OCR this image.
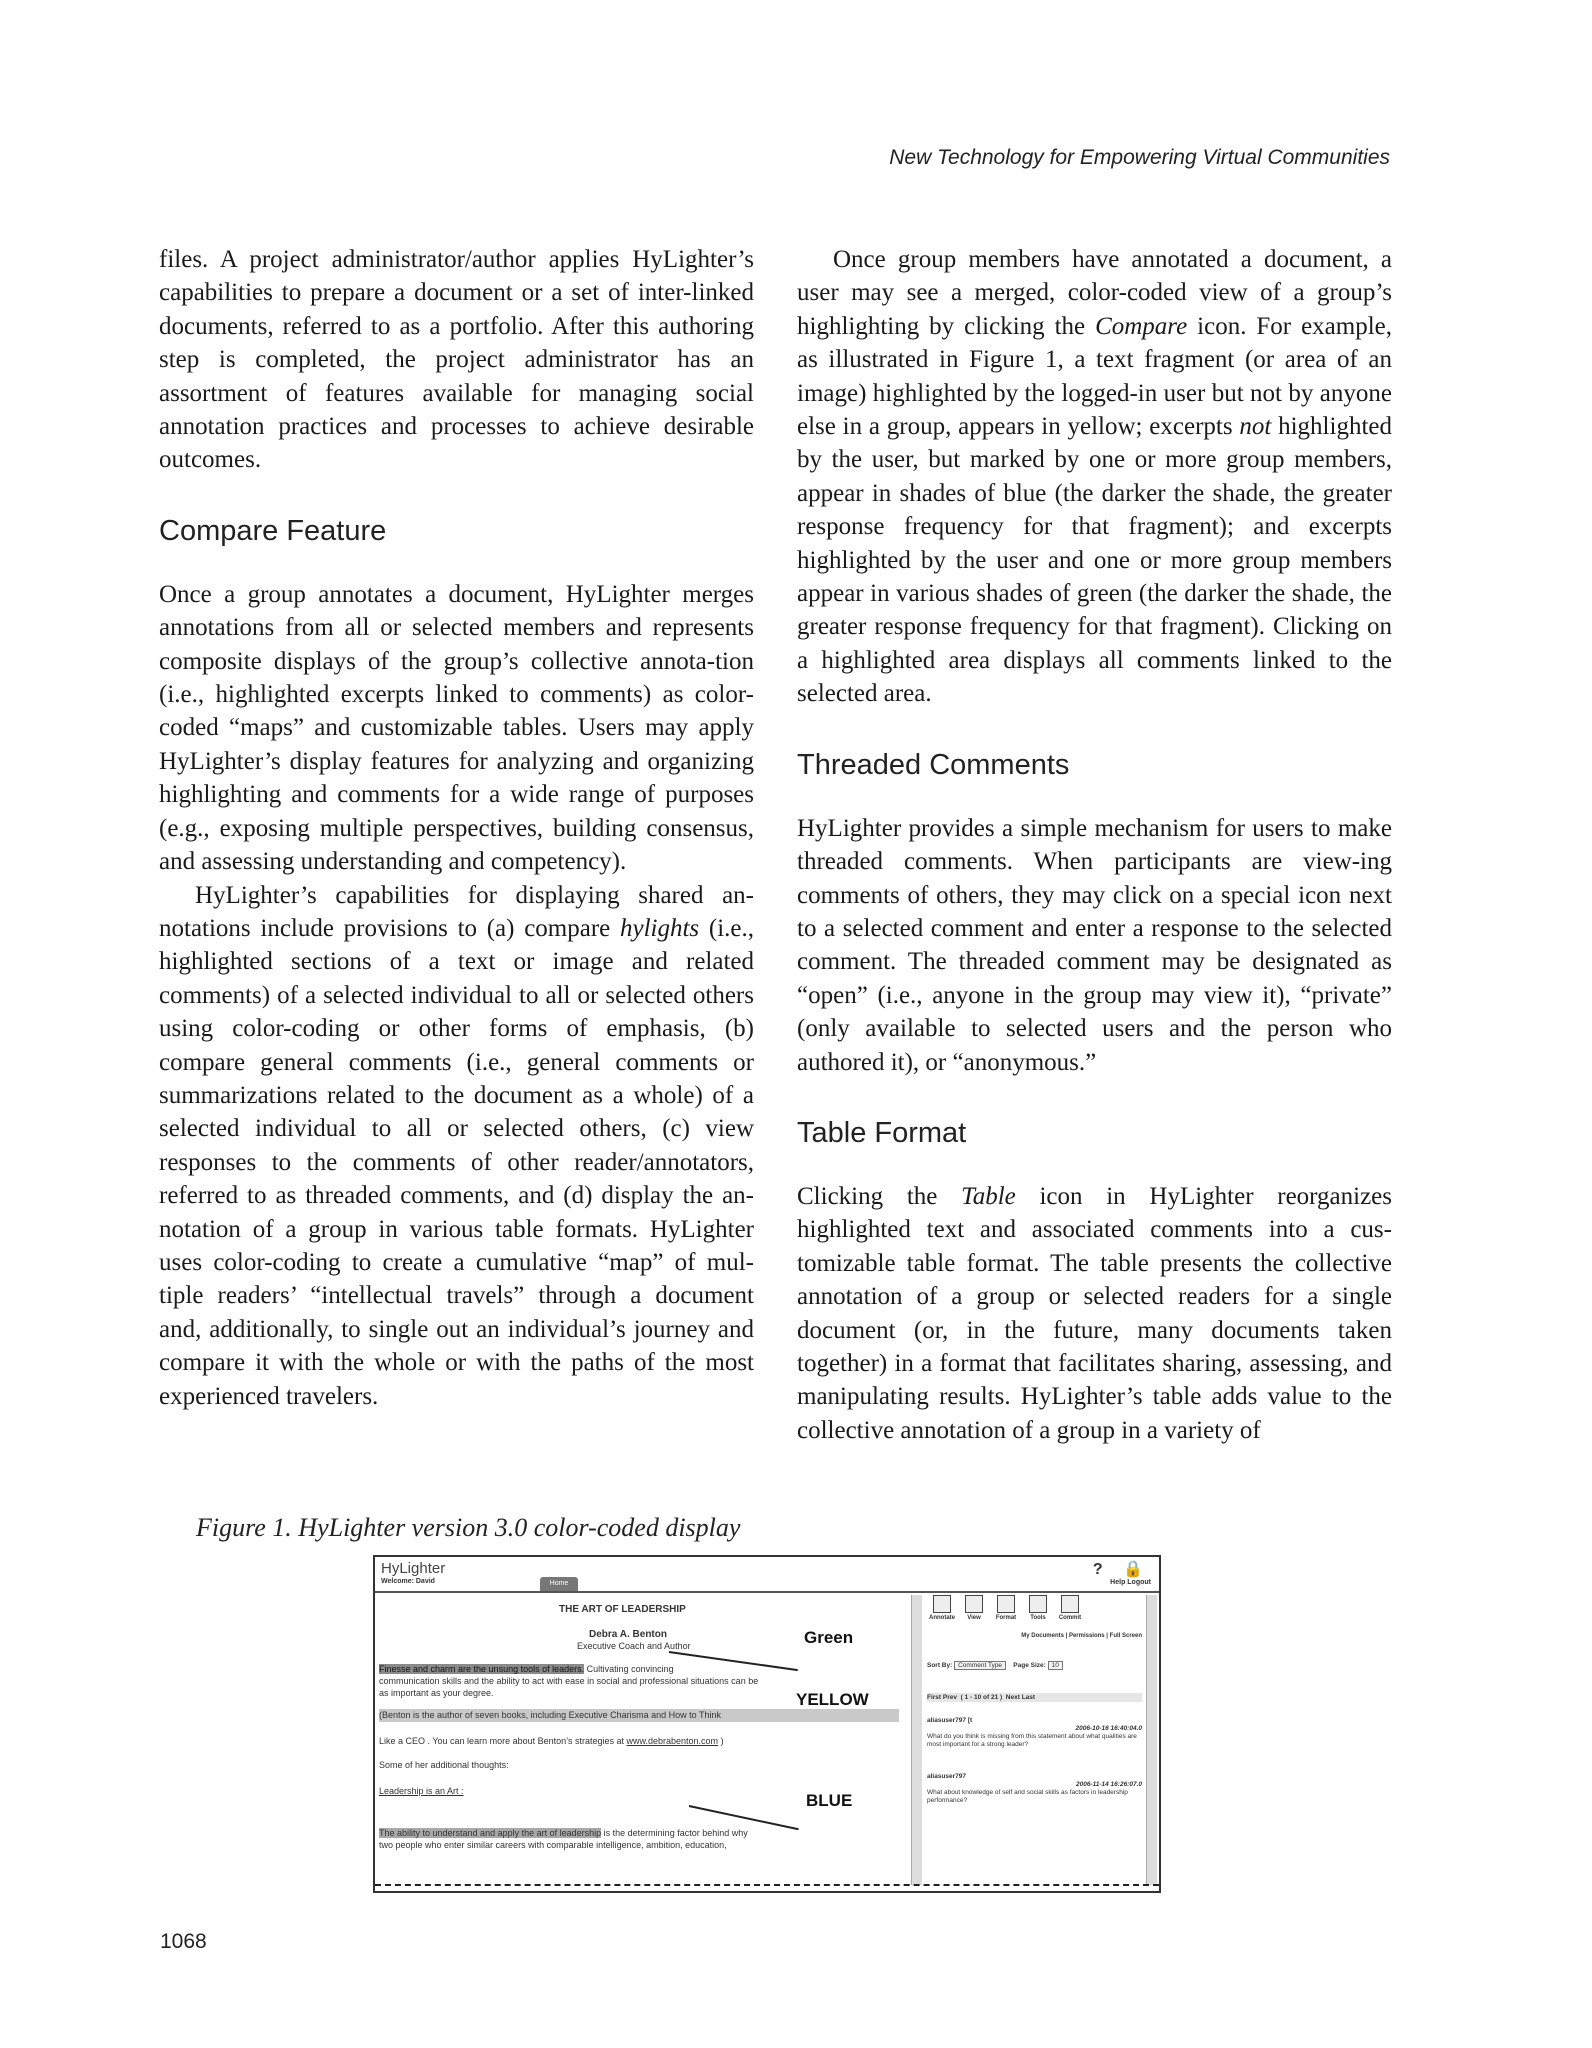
New Technology for Empowering Virtual Communities

files. A project administrator/author applies HyLighter’s capabilities to prepare a document or a set of inter-linked documents, referred to as a portfolio. After this authoring step is completed, the project administrator has an assortment of features available for managing social annotation practices and processes to achieve desirable outcomes.

Compare Feature

Once a group annotates a document, HyLighter merges annotations from all or selected members and represents composite displays of the group’s collective annota-tion (i.e., highlighted excerpts linked to comments) as color-coded “maps” and customizable tables. Users may apply HyLighter’s display features for analyzing and organizing highlighting and comments for a wide range of purposes (e.g., exposing multiple perspectives, building consensus, and assessing understanding and competency).

HyLighter’s capabilities for displaying shared an-notations include provisions to (a) compare hylights (i.e., highlighted sections of a text or image and related comments) of a selected individual to all or selected others using color-coding or other forms of emphasis, (b) compare general comments (i.e., general comments or summarizations related to the document as a whole) of a selected individual to all or selected others, (c) view responses to the comments of other reader/annotators, referred to as threaded comments, and (d) display the an-notation of a group in various table formats. HyLighter uses color-coding to create a cumulative “map” of mul-tiple readers’ “intellectual travels” through a document and, additionally, to single out an individual’s journey and compare it with the whole or with the paths of the most experienced travelers.

Once group members have annotated a document, a user may see a merged, color-coded view of a group’s highlighting by clicking the Compare icon. For example, as illustrated in Figure 1, a text fragment (or area of an image) highlighted by the logged-in user but not by anyone else in a group, appears in yellow; excerpts not highlighted by the user, but marked by one or more group members, appear in shades of blue (the darker the shade, the greater response frequency for that fragment); and excerpts highlighted by the user and one or more group members appear in various shades of green (the darker the shade, the greater response frequency for that fragment). Clicking on a highlighted area displays all comments linked to the selected area.

Threaded Comments

HyLighter provides a simple mechanism for users to make threaded comments. When participants are view-ing comments of others, they may click on a special icon next to a selected comment and enter a response to the selected comment. The threaded comment may be designated as “open” (i.e., anyone in the group may view it), “private” (only available to selected users and the person who authored it), or “anonymous.”

Table Format

Clicking the Table icon in HyLighter reorganizes highlighted text and associated comments into a cus-tomizable table format. The table presents the collective annotation of a group or selected readers for a single document (or, in the future, many documents taken together) in a format that facilitates sharing, assessing, and manipulating results. HyLighter’s table adds value to the collective annotation of a group in a variety of

Figure 1. HyLighter version 3.0 color-coded display
HyLighter
Welcome: David	Home
? 🔒
Help Logout
THE ART OF LEADERSHIP
Debra A. Benton
Executive Coach and Author	Green
YELLOW
BLUE
Finesse and charm are the unsung tools of leaders. Cultivating convincing
communication skills and the ability to act with ease in social and professional situations can be
as important as your degree.
(Benton is the author of seven books, including Executive Charisma and How to Think
Like a CEO . You can learn more about Benton’s strategies at www.debrabenton.com )
Some of her additional thoughts:
Leadership is an Art :
The ability to understand and apply the art of leadership is the determining factor behind why
two people who enter similar careers with comparable intelligence, ambition, education,
Annotate	View	Format	Tools	Commit
My Documents | Permissions | Full Screen
Sort By: Comment Type Page Size: 10
First Prev ( 1 - 10 of 21 ) Next Last
aliasuser797 [t
2006-10-16 16:40:04.0
What do you think is missing from this statement about what qualities are most important for a strong leader?
aliasuser797
2006-11-14 16:26:07.0
What about knowledge of self and social skills as factors in leadership performance?
1068
